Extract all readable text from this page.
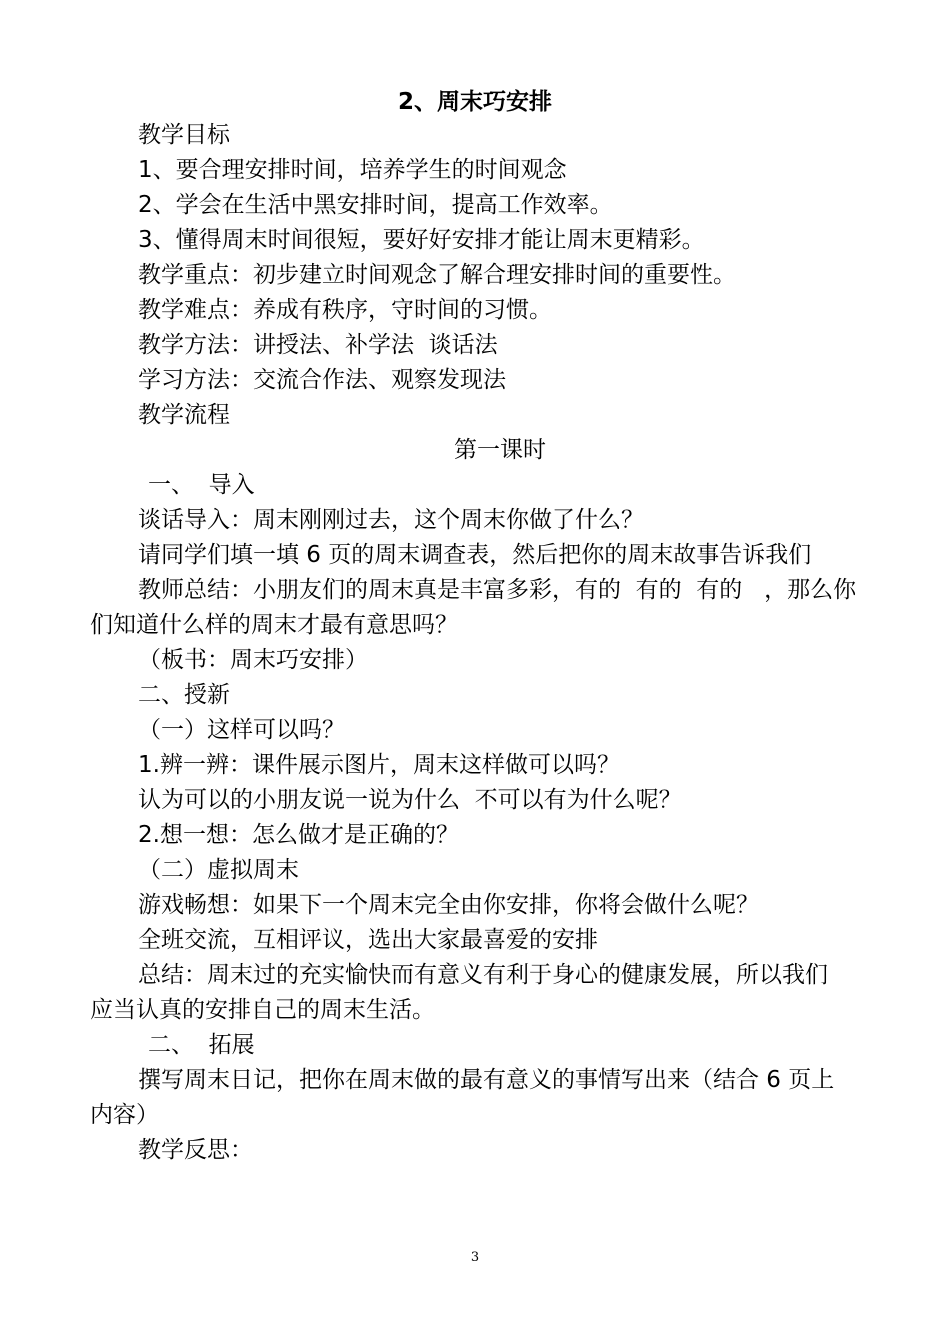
2、周末巧安排
教学目标
1、要合理安排时间，培养学生的时间观念
2、学会在生活中黑安排时间，提高工作效率。
3、懂得周末时间很短，要好好安排才能让周末更精彩。
教学重点：初步建立时间观念了解合理安排时间的重要性。
教学难点：养成有秩序，守时间的习惯。
教学方法：讲授法、补学法  谈话法
学习方法：交流合作法、观察发现法
教学流程
第一课时
一、  导入
谈话导入：周末刚刚过去，这个周末你做了什么？
请同学们填一填 6 页的周末调查表，然后把你的周末故事告诉我们
教师总结：小朋友们的周末真是丰富多彩，有的  有的  有的   ，那么你
们知道什么样的周末才最有意思吗？
（板书：周末巧安排）
二、授新
（一）这样可以吗？
1.辨一辨：课件展示图片，周末这样做可以吗？
认为可以的小朋友说一说为什么  不可以有为什么呢？
2.想一想：怎么做才是正确的？
（二）虚拟周末
游戏畅想：如果下一个周末完全由你安排，你将会做什么呢？
全班交流，互相评议，选出大家最喜爱的安排
总结：周末过的充实愉快而有意义有利于身心的健康发展，所以我们
应当认真的安排自己的周末生活。
二、  拓展
撰写周末日记，把你在周末做的最有意义的事情写出来（结合 6 页上
内容）
教学反思：
3
